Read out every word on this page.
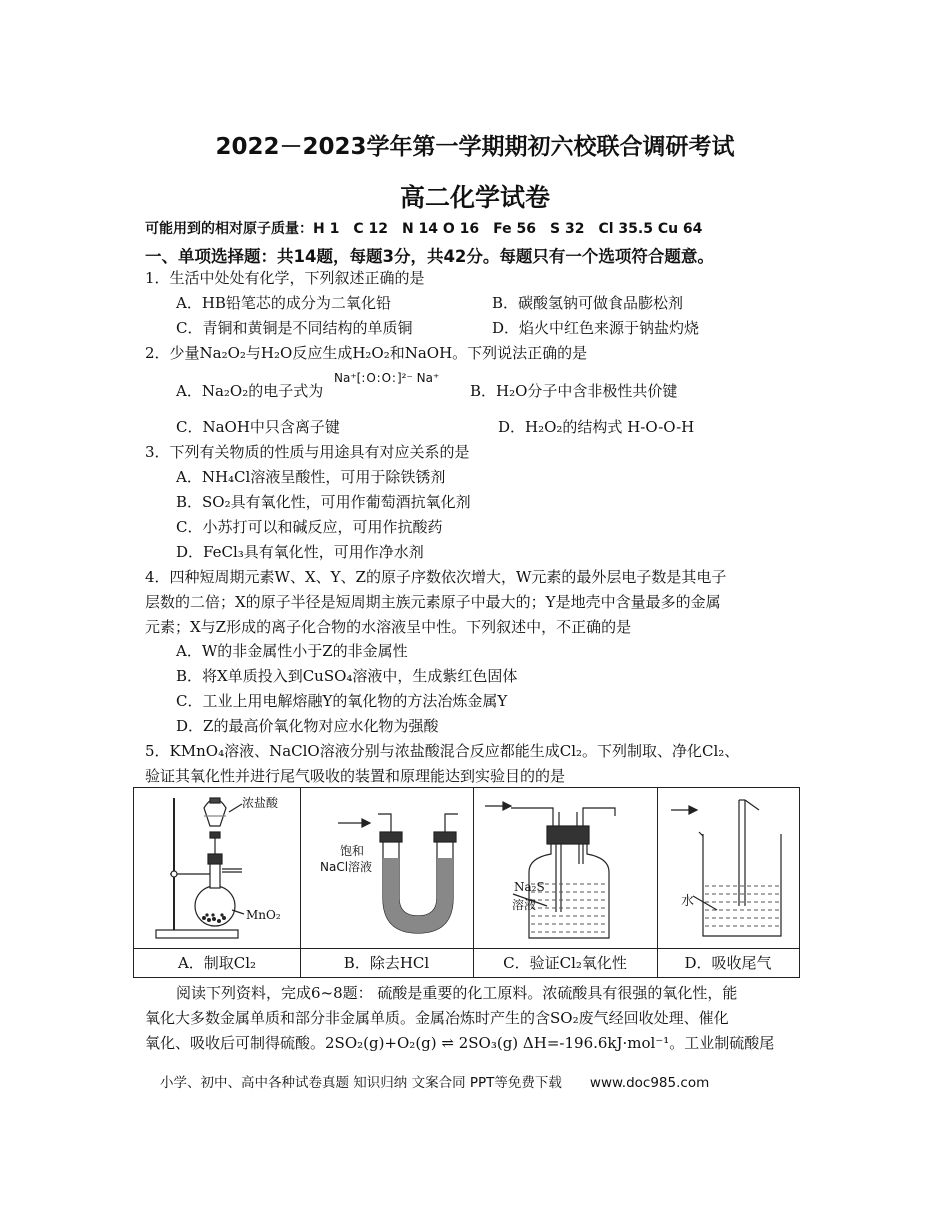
2022－2023学年第一学期期初六校联合调研考试
高二化学试卷
可能用到的相对原子质量：H 1　C 12　N 14 O 16　Fe 56　S 32　Cl 35.5 Cu 64
一、单项选择题：共14题，每题3分，共42分。每题只有一个选项符合题意。
1．生活中处处有化学，下列叙述正确的是
A．HB铅笔芯的成分为二氧化铅	B．碳酸氢钠可做食品膨松剂
C．青铜和黄铜是不同结构的单质铜	D．焰火中红色来源于钠盐灼烧
2．少量Na₂O₂与H₂O反应生成H₂O₂和NaOH。下列说法正确的是
A．Na₂O₂的电子式为
Na⁺[:O:O:]²⁻ Na⁺
B．H₂O分子中含非极性共价键
C．NaOH中只含离子键	D．H₂O₂的结构式 H-O-O-H
3．下列有关物质的性质与用途具有对应关系的是
A．NH₄Cl溶液呈酸性，可用于除铁锈剂
B．SO₂具有氧化性，可用作葡萄酒抗氧化剂
C．小苏打可以和碱反应，可用作抗酸药
D．FeCl₃具有氧化性，可用作净水剂
4．四种短周期元素W、X、Y、Z的原子序数依次增大，W元素的最外层电子数是其电子
层数的二倍；X的原子半径是短周期主族元素原子中最大的；Y是地壳中含量最多的金属
元素；X与Z形成的离子化合物的水溶液呈中性。下列叙述中，不正确的是
A．W的非金属性小于Z的非金属性
B．将X单质投入到CuSO₄溶液中，生成紫红色固体
C．工业上用电解熔融Y的氧化物的方法冶炼金属Y
D．Z的最高价氧化物对应水化物为强酸
5．KMnO₄溶液、NaClO溶液分别与浓盐酸混合反应都能生成Cl₂。下列制取、净化Cl₂、
验证其氧化性并进行尾气吸收的装置和原理能达到实验目的的是
浓盐酸
MnO₂
饱和
NaCl溶液
Na₂S
溶液	水
A．制取Cl₂	B．除去HCl	C．验证Cl₂氧化性	D．吸收尾气
阅读下列资料，完成6~8题： 硫酸是重要的化工原料。浓硫酸具有很强的氧化性，能
氧化大多数金属单质和部分非金属单质。金属冶炼时产生的含SO₂废气经回收处理、催化
氧化、吸收后可制得硫酸。2SO₂(g)+O₂(g) ⇌ 2SO₃(g) ΔH=-196.6kJ·mol⁻¹。工业制硫酸尾
小学、初中、高中各种试卷真题 知识归纳 文案合同 PPT等免费下载 www.doc985.com
